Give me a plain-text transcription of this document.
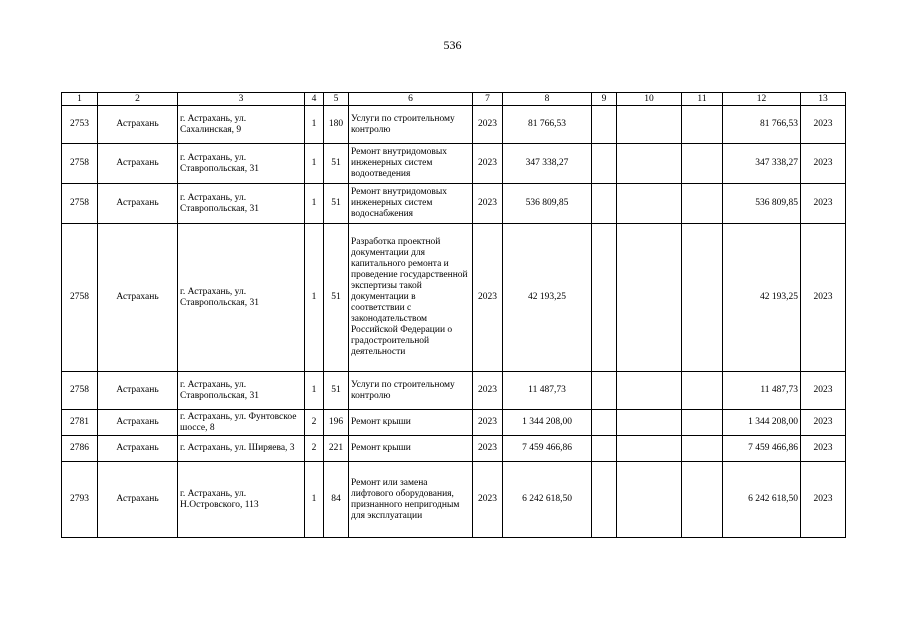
536
1	2	3	4	5	6	7	8	9	10	11	12	13
2753	Астрахань	г. Астрахань, ул. Сахалинская, 9	1	180	Услуги по строительному контролю	2023	81 766,53				81 766,53	2023
2758	Астрахань	г. Астрахань, ул. Ставропольская, 31	1	51	Ремонт внутридомовых инженерных систем водоотведения	2023	347 338,27				347 338,27	2023
2758	Астрахань	г. Астрахань, ул. Ставропольская, 31	1	51	Ремонт внутридомовых инженерных систем водоснабжения	2023	536 809,85				536 809,85	2023
2758	Астрахань	г. Астрахань, ул. Ставропольская, 31	1	51	Разработка проектной документации для капитального ремонта и проведение государственной экспертизы такой документации в соответствии с законодательством Российской Федерации о градостроительной деятельности	2023	42 193,25				42 193,25	2023
2758	Астрахань	г. Астрахань, ул. Ставропольская, 31	1	51	Услуги по строительному контролю	2023	11 487,73				11 487,73	2023
2781	Астрахань	г. Астрахань, ул. Фунтовское шоссе, 8	2	196	Ремонт крыши	2023	1 344 208,00				1 344 208,00	2023
2786	Астрахань	г. Астрахань, ул. Ширяева, 3	2	221	Ремонт крыши	2023	7 459 466,86				7 459 466,86	2023
2793	Астрахань	г. Астрахань, ул. Н.Островского, 113	1	84	Ремонт или замена лифтового оборудования, признанного непригодным для эксплуатации	2023	6 242 618,50				6 242 618,50	2023
